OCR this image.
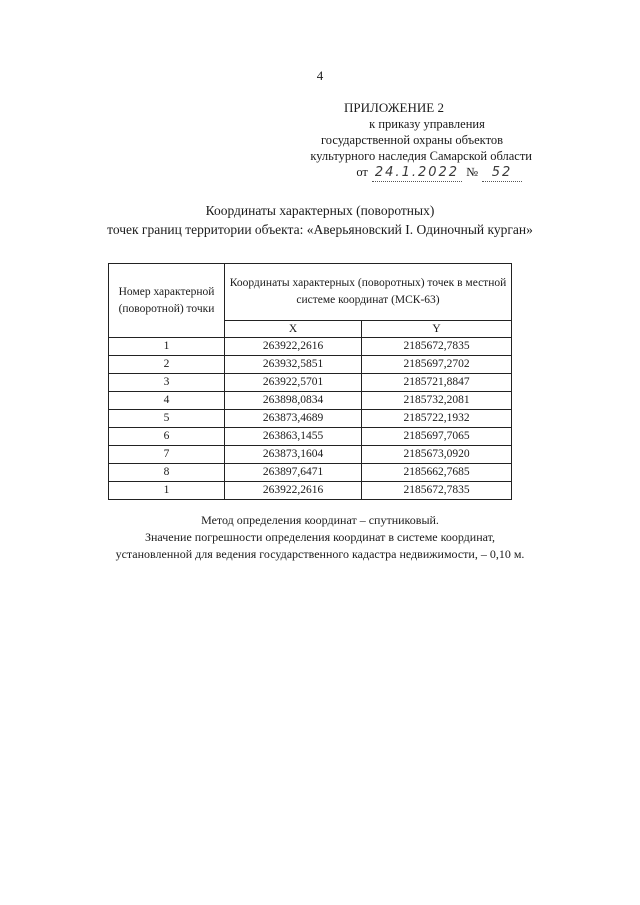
4
ПРИЛОЖЕНИЕ 2
к приказу управления
государственной охраны объектов
культурного наследия Самарской области
от 24.1.2022 №	52
Координаты характерных (поворотных)
точек границ территории объекта: «Аверьяновский I. Одиночный курган»
Номер характерной (поворотной) точки	Координаты характерных (поворотных) точек в местной системе координат (МСК-63)	
	X	Y
1	263922,2616	2185672,7835
2	263932,5851	2185697,2702
3	263922,5701	2185721,8847
4	263898,0834	2185732,2081
5	263873,4689	2185722,1932
6	263863,1455	2185697,7065
7	263873,1604	2185673,0920
8	263897,6471	2185662,7685
1	263922,2616	2185672,7835
Метод определения координат – спутниковый.
Значение погрешности определения координат в системе координат,
установленной для ведения государственного кадастра недвижимости, – 0,10 м.
